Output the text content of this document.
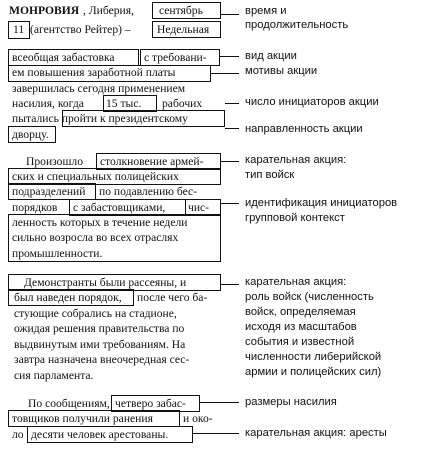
МОНРОВИЯ , Либерия, сентябрь
11 (агентство Рейтер) – Недельная
всеобщая забастовка	с требовани-
ем повышения заработной платы
завершилась сегодня применением
насилия, когда 15 тыс. рабочих
пытались пройти к президентскому
дворцу.
Произошло столкновение армей-
ских и специальных полицейских
подразделений по подавлению бес-
порядков с забастовщиками, чис-
ленность которых в течение недели
сильно возросла во всех отраслях
промышленности.
Демонстранты были рассеяны, и
был наведен порядок, после чего ба-
стующие собрались на стадионе,
ожидая решения правительства по
выдвинутым ими требованиям. На
завтра назначена внеочередная сес-
сия парламента.
По сообщениям, четверо забас-
товщиков получили ранения	и око-
ло десяти человек арестованы.
время и
продолжительность
вид акции
мотивы акции
число инициаторов акции
направленность акции
карательная акция:
тип войск
идентификация инициаторов
групповой контекст
карательная акция:
роль войск (численность
войск, определяемая
исходя из масштабов
события и известной
численности либерийской
армии и полицейских сил)
размеры насилия
карательная акция: аресты
